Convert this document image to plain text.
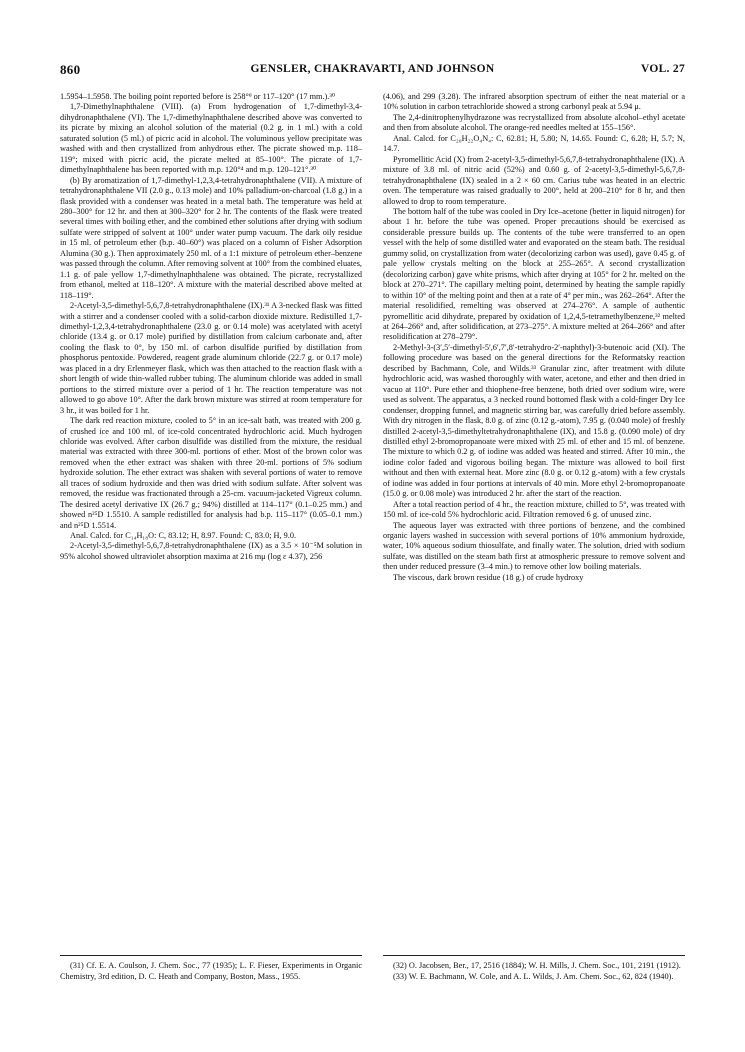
860	GENSLER, CHAKRAVARTI, AND JOHNSON	VOL. 27

1.5954–1.5958. The boiling point reported before is 258°⁹ or 117–120° (17 mm.).³⁰

1,7-Dimethylnaphthalene (VIII). (a) From hydrogenation of 1,7-dimethyl-3,4-dihydronaphthalene (VI). The 1,7-dimethylnaphthalene described above was converted to its picrate by mixing an alcohol solution of the material (0.2 g. in 1 ml.) with a cold saturated solution (5 ml.) of picric acid in alcohol. The voluminous yellow precipitate was washed with and then crystallized from anhydrous ether. The picrate showed m.p. 118–119°; mixed with picric acid, the picrate melted at 85–100°. The picrate of 1,7-dimethylnaphthalene has been reported with m.p. 120°⁴ and m.p. 120–121°.³⁰

(b) By aromatization of 1,7-dimethyl-1,2,3,4-tetrahydronaphthalene (VII). A mixture of tetrahydronaphthalene VII (2.0 g., 0.13 mole) and 10% palladium-on-charcoal (1.8 g.) in a flask provided with a condenser was heated in a metal bath. The temperature was held at 280–300° for 12 hr. and then at 300–320° for 2 hr. The contents of the flask were treated several times with boiling ether, and the combined ether solutions after drying with sodium sulfate were stripped of solvent at 100° under water pump vacuum. The dark oily residue in 15 ml. of petroleum ether (b.p. 40–60°) was placed on a column of Fisher Adsorption Alumina (30 g.). Then approximately 250 ml. of a 1:1 mixture of petroleum ether–benzene was passed through the column. After removing solvent at 100° from the combined eluates, 1.1 g. of pale yellow 1,7-dimethylnaphthalene was obtained. The picrate, recrystallized from ethanol, melted at 118–120°. A mixture with the material described above melted at 118–119°.

2-Acetyl-3,5-dimethyl-5,6,7,8-tetrahydronaphthalene (IX).³¹ A 3-necked flask was fitted with a stirrer and a condenser cooled with a solid-carbon dioxide mixture. Redistilled 1,7-dimethyl-1,2,3,4-tetrahydronaphthalene (23.0 g. or 0.14 mole) was acetylated with acetyl chloride (13.4 g. or 0.17 mole) purified by distillation from calcium carbonate and, after cooling the flask to 0°, by 150 ml. of carbon disulfide purified by distillation from phosphorus pentoxide. Powdered, reagent grade aluminum chloride (22.7 g. or 0.17 mole) was placed in a dry Erlenmeyer flask, which was then attached to the reaction flask with a short length of wide thin-walled rubber tubing. The aluminum chloride was added in small portions to the stirred mixture over a period of 1 hr. The reaction temperature was not allowed to go above 10°. After the dark brown mixture was stirred at room temperature for 3 hr., it was boiled for 1 hr.

The dark red reaction mixture, cooled to 5° in an ice-salt bath, was treated with 200 g. of crushed ice and 100 ml. of ice-cold concentrated hydrochloric acid. Much hydrogen chloride was evolved. After carbon disulfide was distilled from the mixture, the residual material was extracted with three 300-ml. portions of ether. Most of the brown color was removed when the ether extract was shaken with three 20-ml. portions of 5% sodium hydroxide solution. The ether extract was shaken with several portions of water to remove all traces of sodium hydroxide and then was dried with sodium sulfate. After solvent was removed, the residue was fractionated through a 25-cm. vacuum-jacketed Vigreux column. The desired acetyl derivative IX (26.7 g.; 94%) distilled at 114–117° (0.1–0.25 mm.) and showed n²⁵D 1.5510. A sample redistilled for analysis had b.p. 115–117° (0.05–0.1 mm.) and n²⁵D 1.5514.

Anal. Calcd. for C₁₄H₁₈O: C, 83.12; H, 8.97. Found: C, 83.0; H, 9.0.

2-Acetyl-3,5-dimethyl-5,6,7,8-tetrahydronaphthalene (IX) as a 3.5 × 10⁻⁵M solution in 95% alcohol showed ultraviolet absorption maxima at 216 mμ (log ε 4.37), 256

(4.06), and 299 (3.28). The infrared absorption spectrum of either the neat material or a 10% solution in carbon tetrachloride showed a strong carbonyl peak at 5.94 μ.

The 2,4-dinitrophenylhydrazone was recrystallized from absolute alcohol–ethyl acetate and then from absolute alcohol. The orange-red needles melted at 155–156°.

Anal. Calcd. for C₂₀H₂₂O₄N₄: C, 62.81; H, 5.80; N, 14.65. Found: C, 6.28; H, 5.7; N, 14.7.

Pyromellitic Acid (X) from 2-acetyl-3,5-dimethyl-5,6,7,8-tetrahydronaphthalene (IX). A mixture of 3.8 ml. of nitric acid (52%) and 0.60 g. of 2-acetyl-3,5-dimethyl-5,6,7,8-tetrahydronaphthalene (IX) sealed in a 2 × 60 cm. Carius tube was heated in an electric oven. The temperature was raised gradually to 200°, held at 200–210° for 8 hr, and then allowed to drop to room temperature.

The bottom half of the tube was cooled in Dry Ice–acetone (better in liquid nitrogen) for about 1 hr. before the tube was opened. Proper precautions should be exercised as considerable pressure builds up. The contents of the tube were transferred to an open vessel with the help of some distilled water and evaporated on the steam bath. The residual gummy solid, on crystallization from water (decolorizing carbon was used), gave 0.45 g. of pale yellow crystals melting on the block at 255–265°. A second crystallization (decolorizing carbon) gave white prisms, which after drying at 105° for 2 hr. melted on the block at 270–271°. The capillary melting point, determined by heating the sample rapidly to within 10° of the melting point and then at a rate of 4° per min., was 262–264°. After the material resolidified, remelting was observed at 274–276°. A sample of authentic pyromellitic acid dihydrate, prepared by oxidation of 1,2,4,5-tetramethylbenzene,³² melted at 264–266° and, after solidification, at 273–275°. A mixture melted at 264–266° and after resolidification at 278–279°.

2-Methyl-3-(3′,5′-dimethyl-5′,6′,7′,8′-tetrahydro-2′-naphthyl)-3-butenoic acid (XI). The following procedure was based on the general directions for the Reformatsky reaction described by Bachmann, Cole, and Wilds.³³ Granular zinc, after treatment with dilute hydrochloric acid, was washed thoroughly with water, acetone, and ether and then dried in vacuo at 110°. Pure ether and thiophene-free benzene, both dried over sodium wire, were used as solvent. The apparatus, a 3 necked round bottomed flask with a cold-finger Dry Ice condenser, dropping funnel, and magnetic stirring bar, was carefully dried before assembly. With dry nitrogen in the flask, 8.0 g. of zinc (0.12 g.-atom), 7.95 g. (0.040 mole) of freshly distilled 2-acetyl-3,5-dimethyltetrahydronaphthalene (IX), and 15.8 g. (0.090 mole) of dry distilled ethyl 2-bromopropanoate were mixed with 25 ml. of ether and 15 ml. of benzene. The mixture to which 0.2 g. of iodine was added was heated and stirred. After 10 min., the iodine color faded and vigorous boiling began. The mixture was allowed to boil first without and then with external heat. More zinc (8.0 g. or 0.12 g.-atom) with a few crystals of iodine was added in four portions at intervals of 40 min. More ethyl 2-bromopropanoate (15.0 g. or 0.08 mole) was introduced 2 hr. after the start of the reaction.

After a total reaction period of 4 hr., the reaction mixture, chilled to 5°, was treated with 150 ml. of ice-cold 5% hydrochloric acid. Filtration removed 6 g. of unused zinc.

The aqueous layer was extracted with three portions of benzene, and the combined organic layers washed in succession with several portions of 10% ammonium hydroxide, water, 10% aqueous sodium thiosulfate, and finally water. The solution, dried with sodium sulfate, was distilled on the steam bath first at atmospheric pressure to remove solvent and then under reduced pressure (3–4 min.) to remove other low boiling materials.

The viscous, dark brown residue (18 g.) of crude hydroxy

(31) Cf. E. A. Coulson, J. Chem. Soc., 77 (1935); L. F. Fieser, Experiments in Organic Chemistry, 3rd edition, D. C. Heath and Company, Boston, Mass., 1955.

(32) O. Jacobsen, Ber., 17, 2516 (1884); W. H. Mills, J. Chem. Soc., 101, 2191 (1912).

(33) W. E. Bachmann, W. Cole, and A. L. Wilds, J. Am. Chem. Soc., 62, 824 (1940).
